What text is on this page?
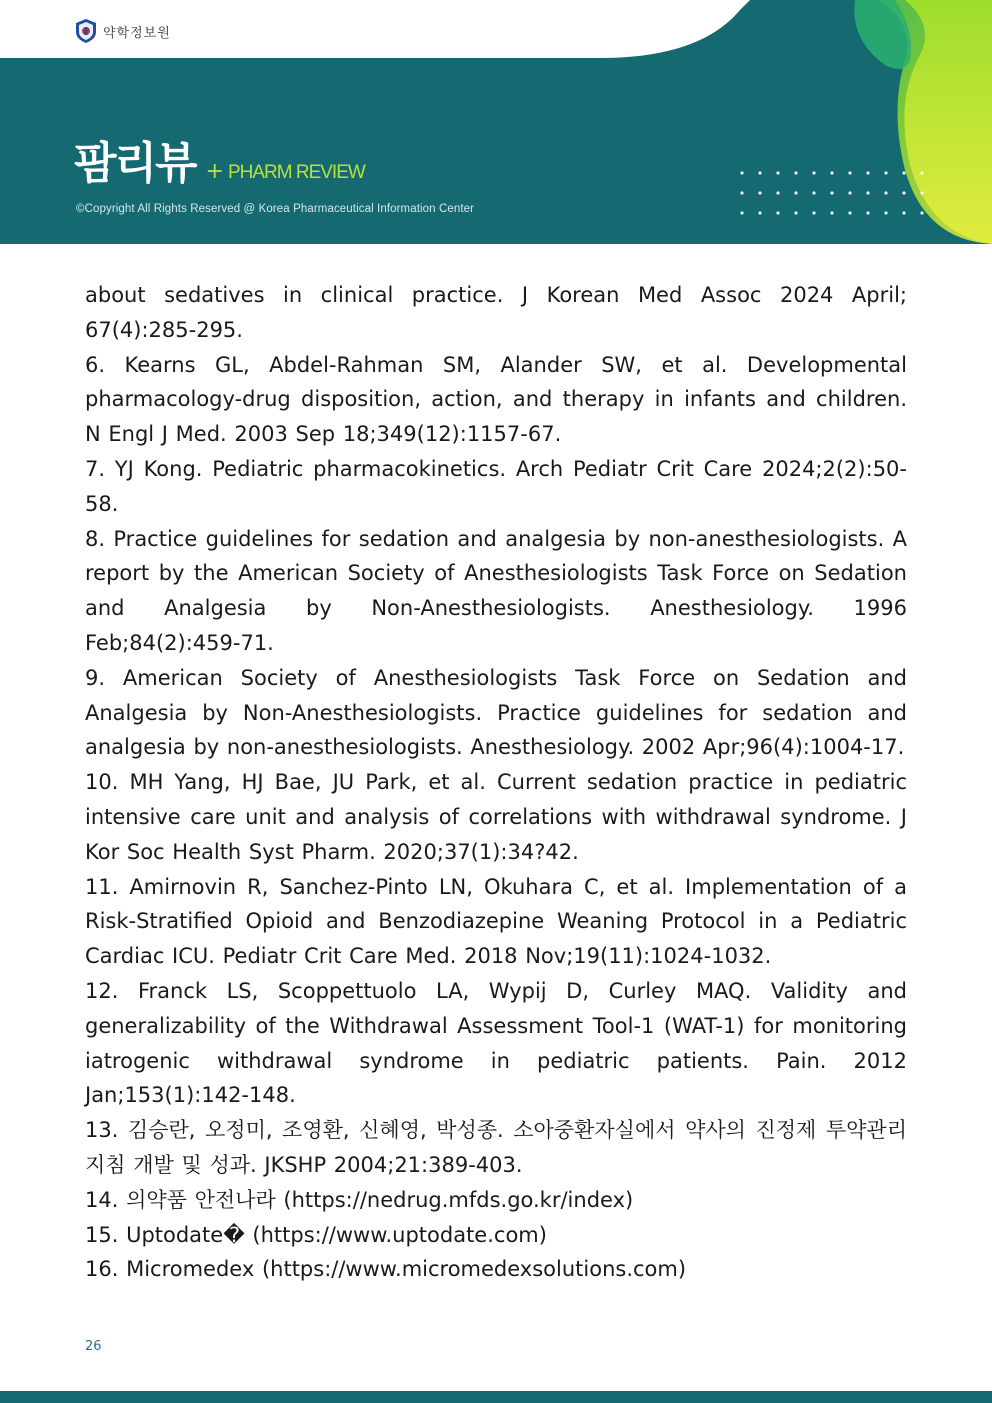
약학정보원
팜리뷰 + PHARM REVIEW
©Copyright All Rights Reserved @ Korea Pharmaceutical Information Center

about sedatives in clinical practice. J Korean Med Assoc 2024 April; 67(4):285-295.

6. Kearns GL, Abdel-Rahman SM, Alander SW, et al. Developmental pharmacology-drug disposition, action, and therapy in infants and children. N Engl J Med. 2003 Sep 18;349(12):1157-67.

7. YJ Kong. Pediatric pharmacokinetics. Arch Pediatr Crit Care 2024;2(2):50-58.

8. Practice guidelines for sedation and analgesia by non-anesthesiologists. A report by the American Society of Anesthesiologists Task Force on Sedation and Analgesia by Non-Anesthesiologists. Anesthesiology. 1996 Feb;84(2):459-71.

9. American Society of Anesthesiologists Task Force on Sedation and Analgesia by Non-Anesthesiologists. Practice guidelines for sedation and analgesia by non-anesthesiologists. Anesthesiology. 2002 Apr;96(4):1004-17.

10. MH Yang, HJ Bae, JU Park, et al. Current sedation practice in pediatric intensive care unit and analysis of correlations with withdrawal syndrome. J Kor Soc Health Syst Pharm. 2020;37(1):34?42.

11. Amirnovin R, Sanchez-Pinto LN, Okuhara C, et al. Implementation of a Risk-Stratified Opioid and Benzodiazepine Weaning Protocol in a Pediatric Cardiac ICU. Pediatr Crit Care Med. 2018 Nov;19(11):1024-1032.

12. Franck LS, Scoppettuolo LA, Wypij D, Curley MAQ. Validity and generalizability of the Withdrawal Assessment Tool-1 (WAT-1) for monitoring iatrogenic withdrawal syndrome in pediatric patients. Pain. 2012 Jan;153(1):142-148.

13. 김승란, 오정미, 조영환, 신혜영, 박성종. 소아중환자실에서 약사의 진정제 투약관리 지침 개발 및 성과. JKSHP 2004;21:389-403.

14. 의약품 안전나라 (https://nedrug.mfds.go.kr/index)

15. Uptodate� (https://www.uptodate.com)

16. Micromedex (https://www.micromedexsolutions.com)

26
